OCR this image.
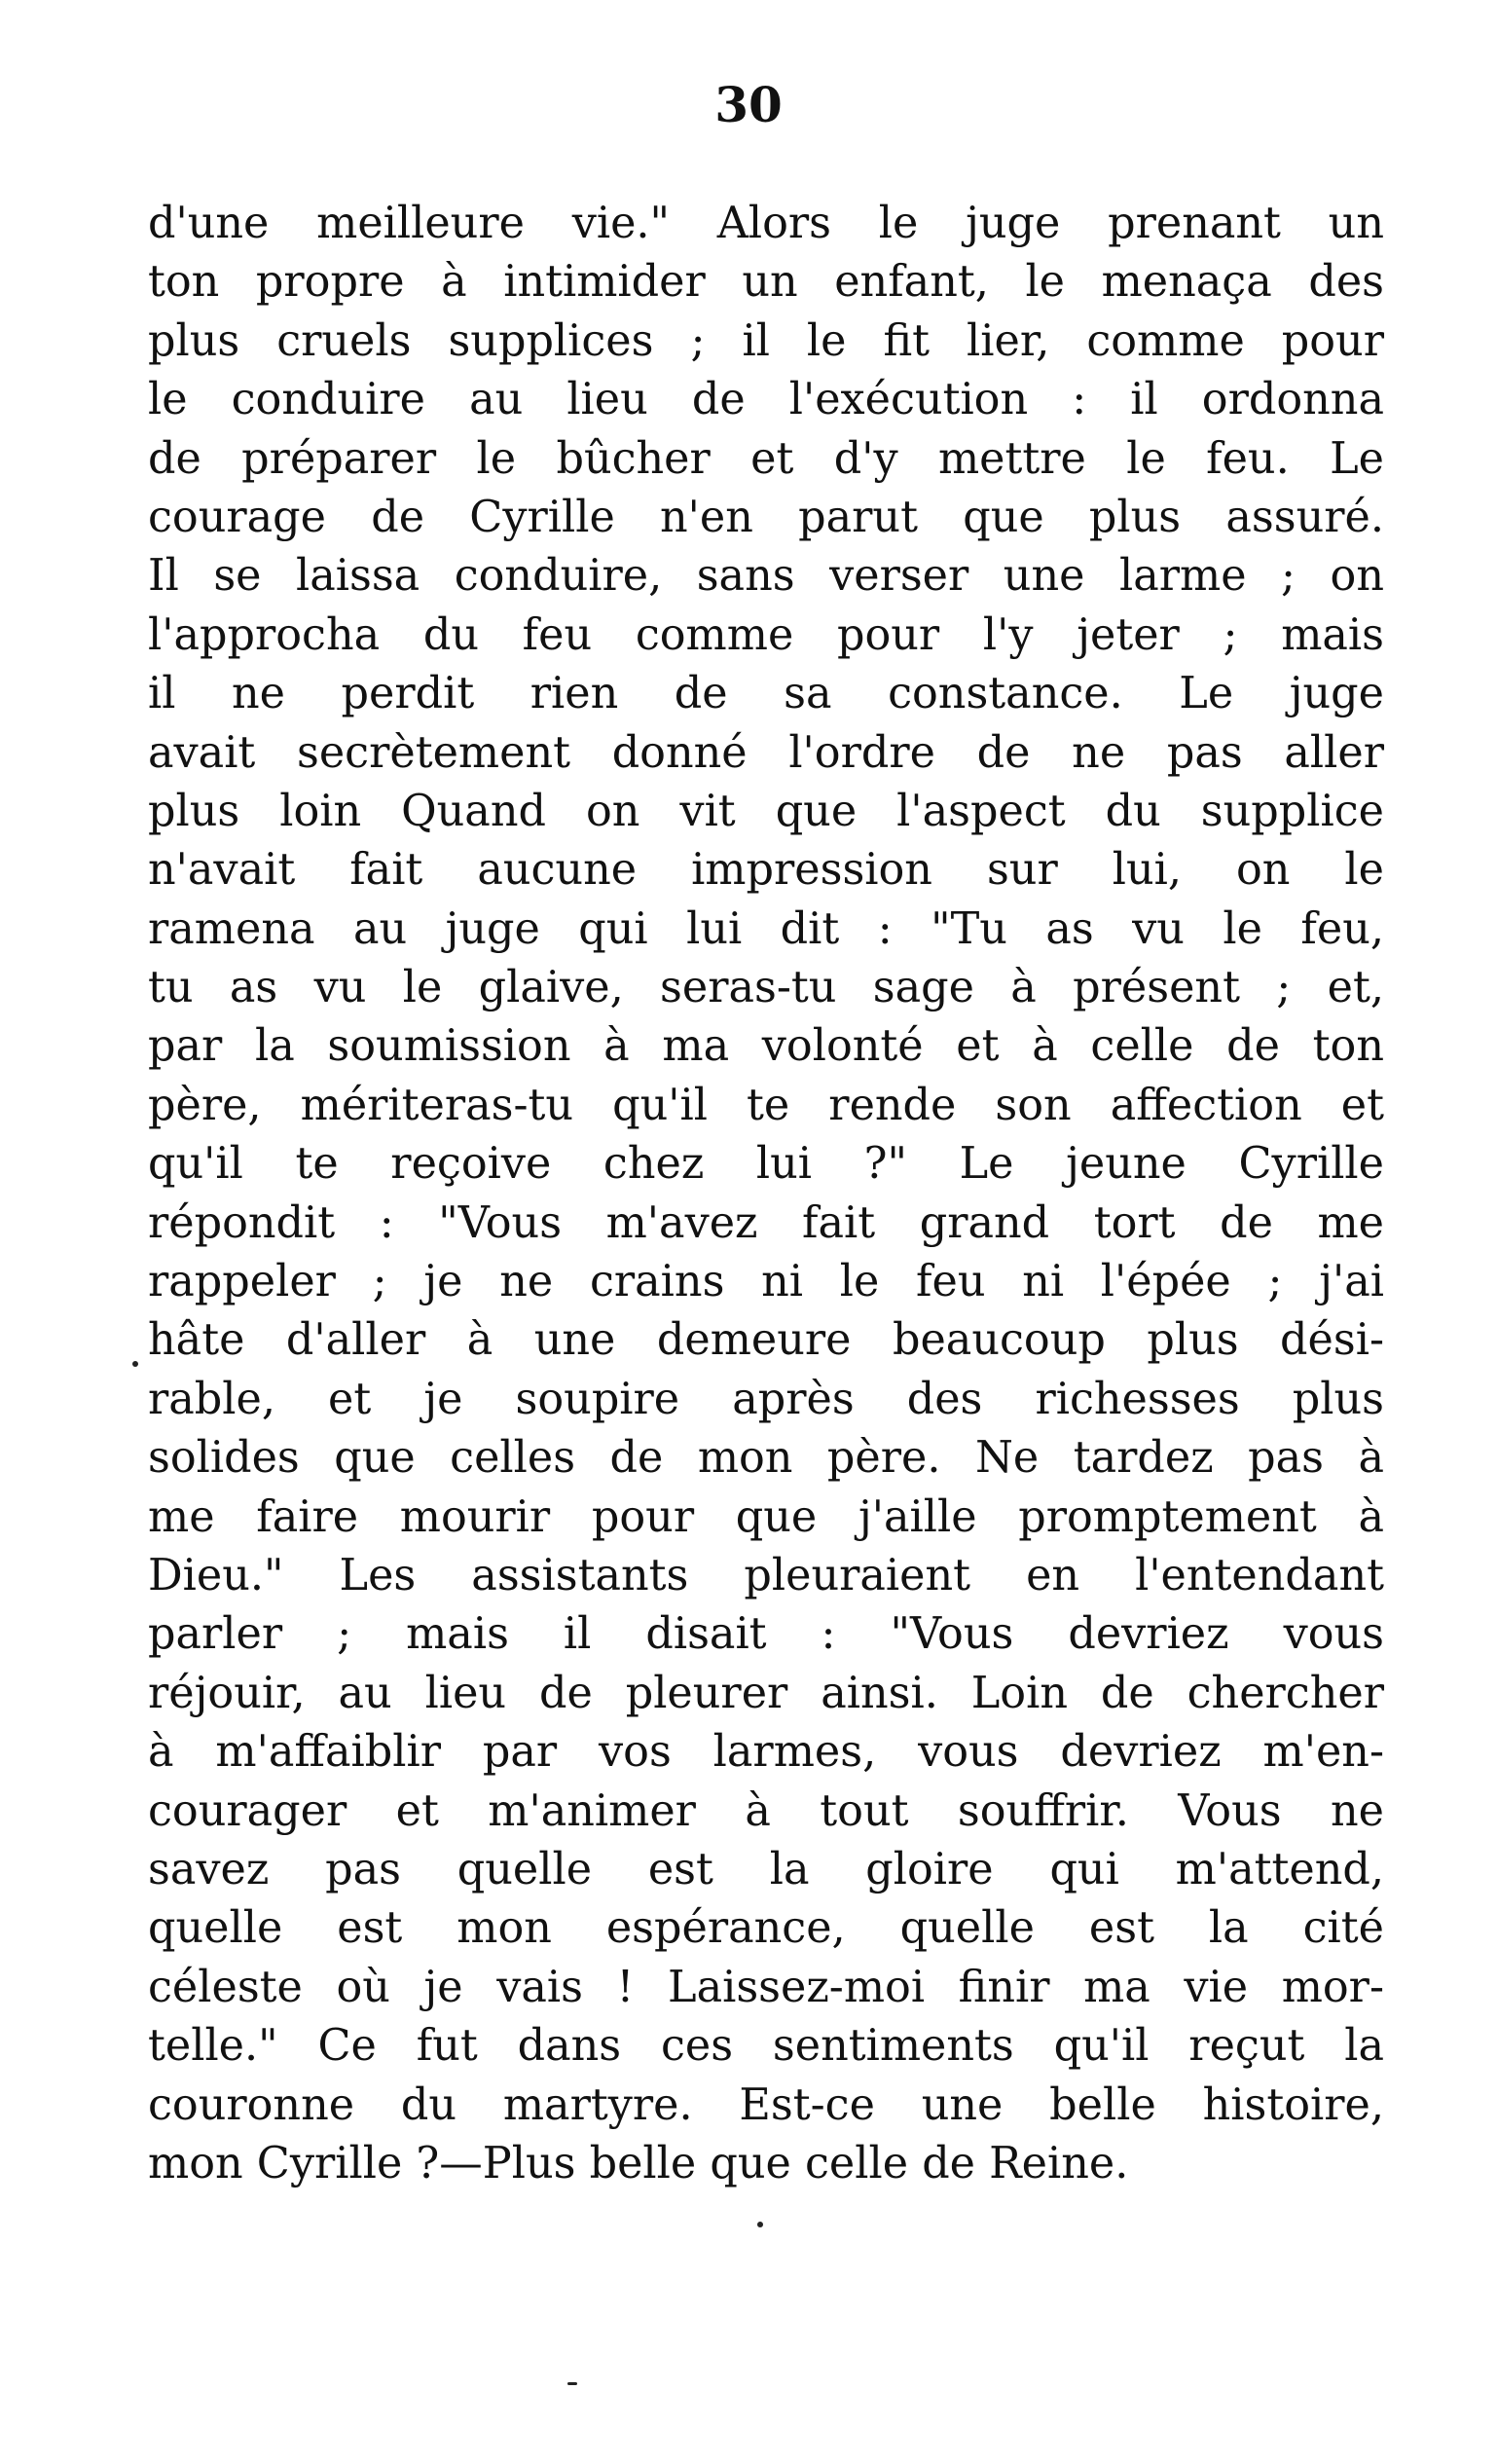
30
d'une meilleure vie." Alors le juge prenant un
ton propre à intimider un enfant, le menaça des
plus cruels supplices ; il le fit lier, comme pour
le conduire au lieu de l'exécution : il ordonna
de préparer le bûcher et d'y mettre le feu. Le
courage de Cyrille n'en parut que plus assuré.
Il se laissa conduire, sans verser une larme ; on
l'approcha du feu comme pour l'y jeter ; mais
il ne perdit rien de sa constance. Le juge
avait secrètement donné l'ordre de ne pas aller
plus loin Quand on vit que l'aspect du supplice
n'avait fait aucune impression sur lui, on le
ramena au juge qui lui dit : "Tu as vu le feu,
tu as vu le glaive, seras-tu sage à présent ; et,
par la soumission à ma volonté et à celle de ton
père, mériteras-tu qu'il te rende son affection et
qu'il te reçoive chez lui ?" Le jeune Cyrille
répondit : "Vous m'avez fait grand tort de me
rappeler ; je ne crains ni le feu ni l'épée ; j'ai
hâte d'aller à une demeure beaucoup plus dési-
rable, et je soupire après des richesses plus
solides que celles de mon père. Ne tardez pas à
me faire mourir pour que j'aille promptement à
Dieu." Les assistants pleuraient en l'entendant
parler ; mais il disait : "Vous devriez vous
réjouir, au lieu de pleurer ainsi. Loin de chercher
à m'affaiblir par vos larmes, vous devriez m'en-
courager et m'animer à tout souffrir. Vous ne
savez pas quelle est la gloire qui m'attend,
quelle est mon espérance, quelle est la cité
céleste où je vais ! Laissez-moi finir ma vie mor-
telle." Ce fut dans ces sentiments qu'il reçut la
couronne du martyre. Est-ce une belle histoire,
mon Cyrille ?—Plus belle que celle de Reine.
